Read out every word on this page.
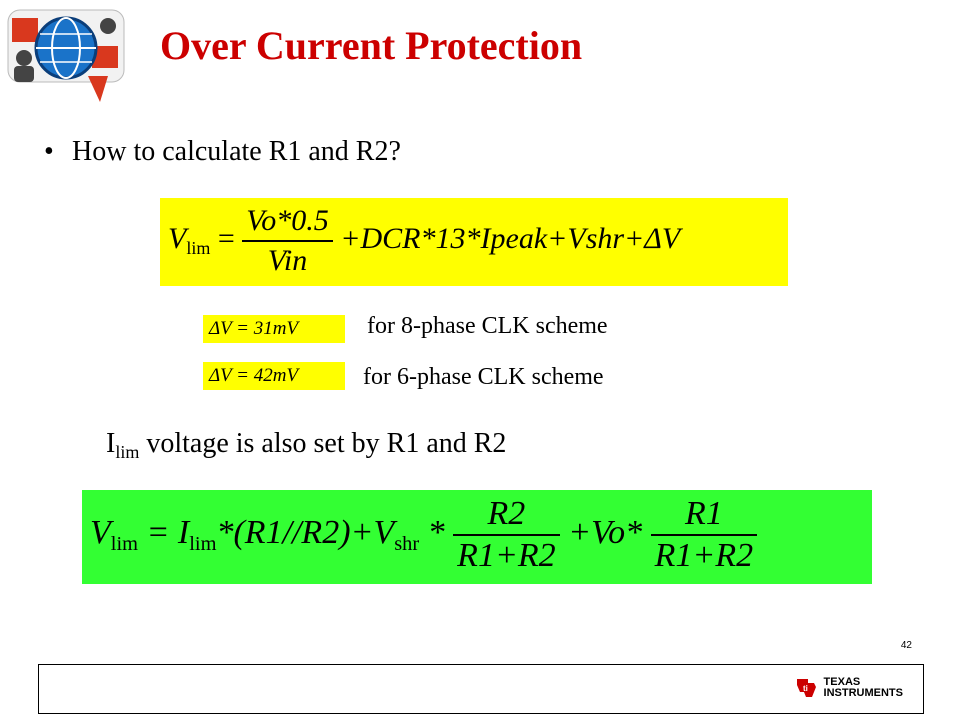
Over Current Protection
• How to calculate R1 and R2?
$V_{lim} = \frac{Vo*0.5}{\text{Vin}}$ +DCR*13*Ipeak+Vshr+ΔV
ΔV = 31mV	for 8-phase CLK scheme
ΔV = 42mV	for 6-phase CLK scheme
$I_{lim}$ voltage is also set by R1 and R2
$V_{lim} = I_{lim}*(R1//R2)+V_{shr} * \frac{R2}{R1+R2} +Vo* \frac{R1}{R1+R2}$
42
ti
TEXAS
INSTRUMENTS
